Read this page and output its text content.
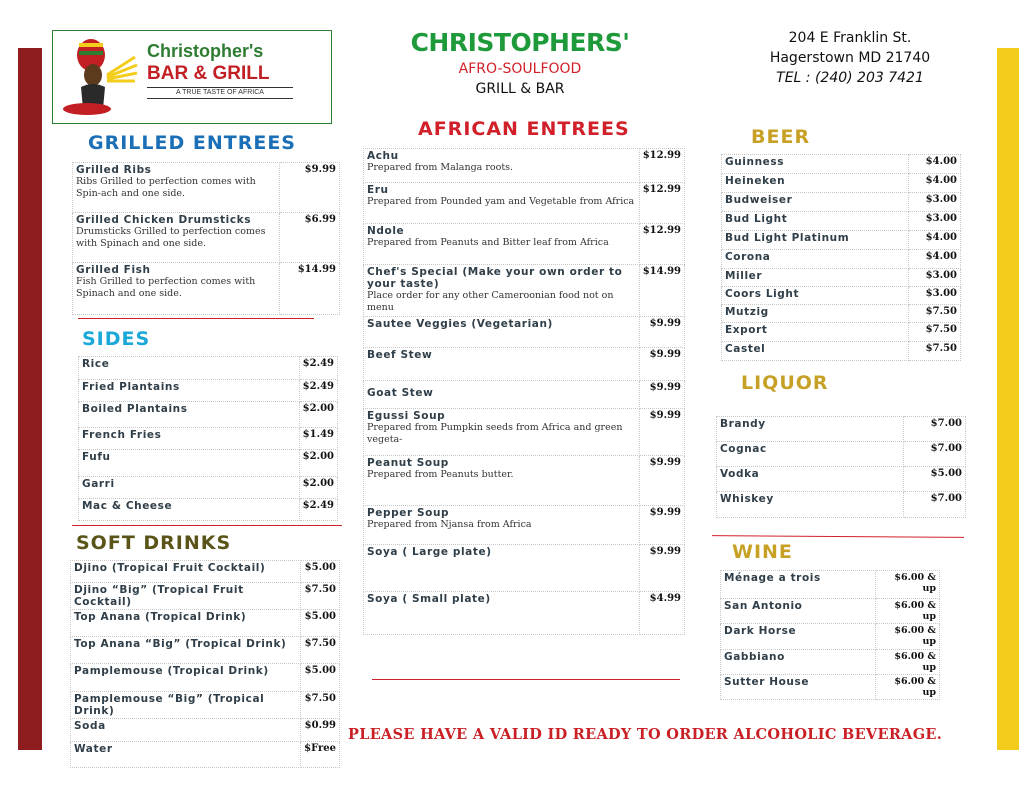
Christopher's
BAR & GRILL
A TRUE TASTE OF AFRICA
CHRISTOPHERS'
AFRO-SOULFOOD
GRILL & BAR
204 E Franklin St.
Hagerstown MD 21740
TEL : (240) 203 7421
GRILLED ENTREES
Grilled Ribs
Ribs Grilled to perfection comes with Spin-ach and one side.	$9.99

Grilled Chicken Drumsticks
Drumsticks Grilled to perfection comes with Spinach and one side.	$6.99

Grilled Fish
Fish Grilled to perfection comes with Spinach and one side.	$14.99
SIDES
Rice	$2.49
Fried Plantains	$2.49
Boiled Plantains	$2.00
French Fries	$1.49
Fufu	$2.00
Garri	$2.00
Mac & Cheese	$2.49
SOFT DRINKS
Djino (Tropical Fruit Cocktail)	$5.00
Djino “Big” (Tropical Fruit Cocktail)	$7.50
Top Anana (Tropical Drink)	$5.00
Top Anana “Big” (Tropical Drink)	$7.50
Pamplemouse (Tropical Drink)	$5.00
Pamplemouse “Big” (Tropical Drink)	$7.50
Soda	$0.99
Water	$Free
AFRICAN ENTREES
Achu
Prepared from Malanga roots.	$12.99

Eru
Prepared from Pounded yam and Vegetable from Africa	$12.99

Ndole
Prepared from Peanuts and Bitter leaf from Africa	$12.99

Chef's Special (Make your own order to your taste)
Place order for any other Cameroonian food not on menu	$14.99

Sautee Veggies (Vegetarian)	$9.99

Beef Stew	$9.99

Goat Stew	$9.99

Egussi Soup
Prepared from Pumpkin seeds from Africa and green vegeta-	$9.99

Peanut Soup
Prepared from Peanuts butter.	$9.99

Pepper Soup
Prepared from Njansa from Africa	$9.99

Soya ( Large plate)	$9.99

Soya ( Small plate)	$4.99
BEER
Guinness	$4.00
Heineken	$4.00
Budweiser	$3.00
Bud Light	$3.00
Bud Light Platinum	$4.00
Corona	$4.00
Miller	$3.00
Coors Light	$3.00
Mutzig	$7.50
Export	$7.50
Castel	$7.50
LIQUOR
Brandy	$7.00
Cognac	$7.00
Vodka	$5.00
Whiskey	$7.00
WINE
Ménage a trois	$6.00 & up
San Antonio	$6.00 & up
Dark Horse	$6.00 & up
Gabbiano	$6.00 & up
Sutter House	$6.00 & up
PLEASE HAVE A VALID ID READY TO ORDER ALCOHOLIC BEVERAGE.
